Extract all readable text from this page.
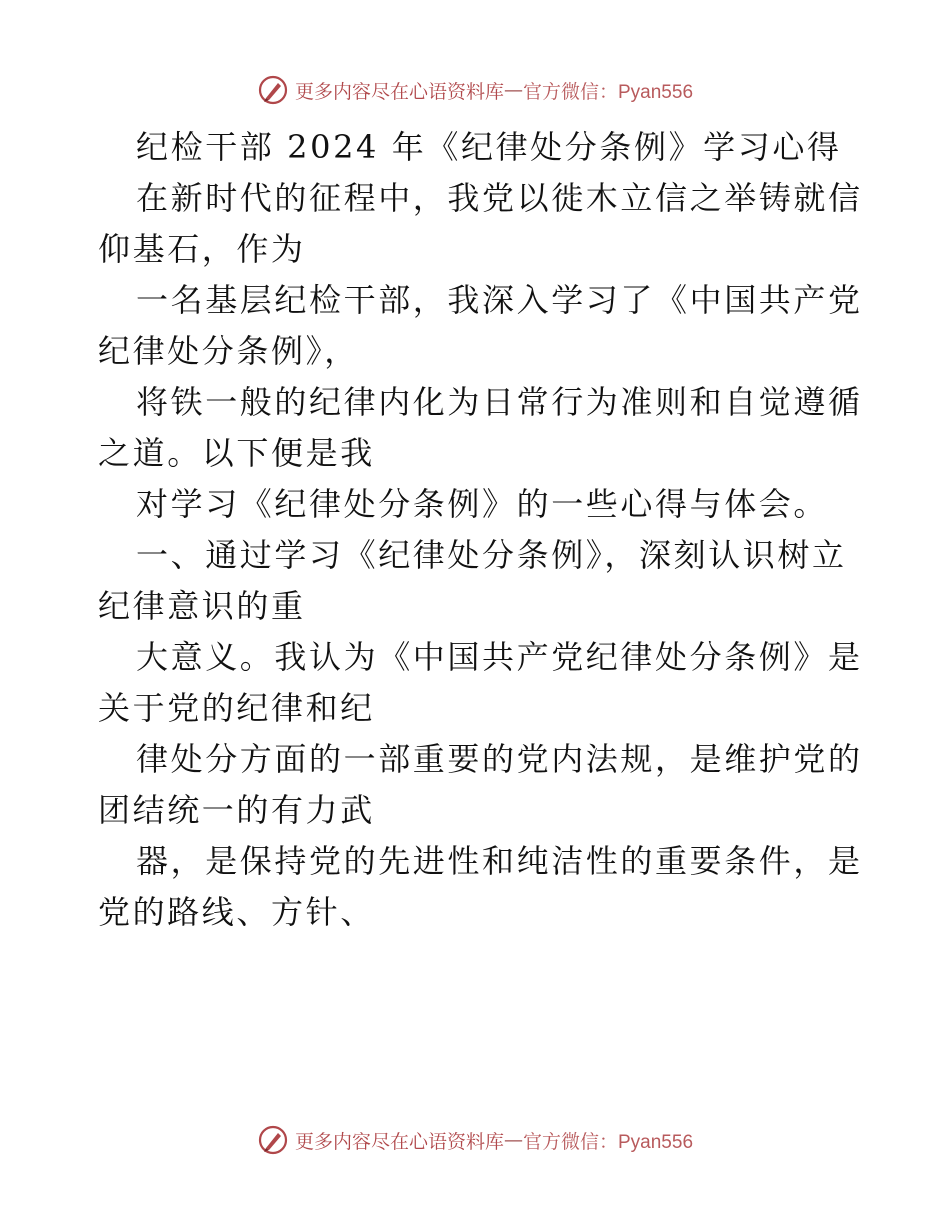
更多内容尽在心语资料库 — 官方微信：Pyan556
纪检干部 2024 年《纪律处分条例》学习心得
在新时代的征程中，我党以徙木立信之举铸就信
仰基石，作为
一名基层纪检干部，我深入学习了《中国共产党
纪律处分条例》，
将铁一般的纪律内化为日常行为准则和自觉遵循
之道。以下便是我
对学习《纪律处分条例》的一些心得与体会。
一、通过学习《纪律处分条例》，深刻认识树立
纪律意识的重
大意义。我认为《中国共产党纪律处分条例》是
关于党的纪律和纪
律处分方面的一部重要的党内法规，是维护党的
团结统一的有力武
器，是保持党的先进性和纯洁性的重要条件，是
党的路线、方针、
更多内容尽在心语资料库 — 官方微信：Pyan556
